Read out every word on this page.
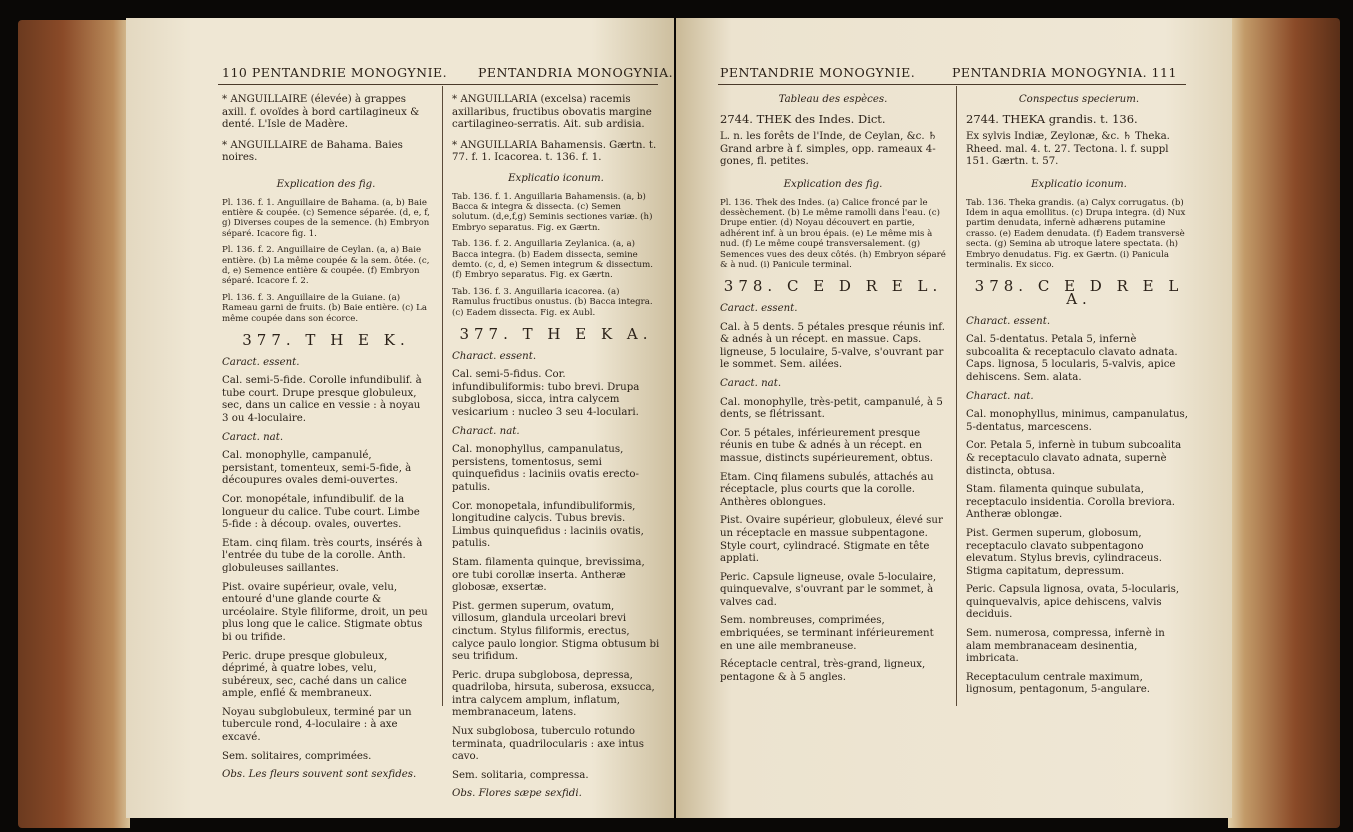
110 PENTANDRIE MONOGYNIE. PENTANDRIA MONOGYNIA.

* ANGUILLAIRE (élevée) à grappes axill. f. ovoïdes à bord cartilagineux & denté. L'Isle de Madère.

* ANGUILLAIRE de Bahama. Baies noires.

Explication des fig.

Pl. 136. f. 1. Anguillaire de Bahama. (a, b) Baie entière & coupée. (c) Semence séparée. (d, e, f, g) Diverses coupes de la semence. (h) Embryon séparé. Icacore fig. 1.

Pl. 136. f. 2. Anguillaire de Ceylan. (a, a) Baie entière. (b) La même coupée & la sem. ôtée. (c, d, e) Semence entière & coupée. (f) Embryon séparé. Icacore f. 2.

Pl. 136. f. 3. Anguillaire de la Guiane. (a) Rameau garni de fruits. (b) Baie entière. (c) La même coupée dans son écorce.

377. T H E K.

Caract. essent.

Cal. semi-5-fide. Corolle infundibulif. à tube court. Drupe presque globuleux, sec, dans un calice en vessie : à noyau 3 ou 4-loculaire.

Caract. nat.

Cal. monophylle, campanulé, persistant, tomenteux, semi-5-fide, à découpures ovales demi-ouvertes.

Cor. monopétale, infundibulif. de la longueur du calice. Tube court. Limbe 5-fide : à découp. ovales, ouvertes.

Etam. cinq filam. très courts, insérés à l'entrée du tube de la corolle. Anth. globuleuses saillantes.

Pist. ovaire supérieur, ovale, velu, entouré d'une glande courte & urcéolaire. Style filiforme, droit, un peu plus long que le calice. Stigmate obtus bi ou trifide.

Peric. drupe presque globuleux, déprimé, à quatre lobes, velu, subéreux, sec, caché dans un calice ample, enflé & membraneux.

Noyau subglobuleux, terminé par un tubercule rond, 4-loculaire : à axe excavé.

Sem. solitaires, comprimées.

Obs. Les fleurs souvent sont sexfides.

* ANGUILLARIA (excelsa) racemis axillaribus, fructibus obovatis margine cartilagineo-serratis. Ait. sub ardisia.

* ANGUILLARIA Bahamensis. Gærtn. t. 77. f. 1. Icacorea. t. 136. f. 1.

Explicatio iconum.

Tab. 136. f. 1. Anguillaria Bahamensis. (a, b) Bacca & integra & dissecta. (c) Semen solutum. (d,e,f,g) Seminis sectiones variæ. (h) Embryo separatus. Fig. ex Gærtn.

Tab. 136. f. 2. Anguillaria Zeylanica. (a, a) Bacca integra. (b) Eadem dissecta, semine demto. (c, d, e) Semen integrum & dissectum. (f) Embryo separatus. Fig. ex Gærtn.

Tab. 136. f. 3. Anguillaria icacorea. (a) Ramulus fructibus onustus. (b) Bacca integra. (c) Eadem dissecta. Fig. ex Aubl.

377. T H E K A.

Charact. essent.

Cal. semi-5-fidus. Cor. infundibuliformis: tubo brevi. Drupa subglobosa, sicca, intra calycem vesicarium : nucleo 3 seu 4-loculari.

Charact. nat.

Cal. monophyllus, campanulatus, persistens, tomentosus, semi quinquefidus : laciniis ovatis erecto-patulis.

Cor. monopetala, infundibuliformis, longitudine calycis. Tubus brevis. Limbus quinquefidus : laciniis ovatis, patulis.

Stam. filamenta quinque, brevissima, ore tubi corollæ inserta. Antheræ globosæ, exsertæ.

Pist. germen superum, ovatum, villosum, glandula urceolari brevi cinctum. Stylus filiformis, erectus, calyce paulo longior. Stigma obtusum bi seu trifidum.

Peric. drupa subglobosa, depressa, quadriloba, hirsuta, suberosa, exsucca, intra calycem amplum, inflatum, membranaceum, latens.

Nux subglobosa, tuberculo rotundo terminata, quadrilocularis : axe intus cavo.

Sem. solitaria, compressa.

Obs. Flores sæpe sexfidi.

PENTANDRIE MONOGYNIE.	PENTANDRIA MONOGYNIA. 111

Tableau des espèces.

2744. THEK des Indes. Dict.

L. n. les forêts de l'Inde, de Ceylan, &c. ♄ Grand arbre à f. simples, opp. rameaux 4-gones, fl. petites.

Explication des fig.

Pl. 136. Thek des Indes. (a) Calice froncé par le dessèchement. (b) Le même ramolli dans l'eau. (c) Drupe entier. (d) Noyau découvert en partie, adhérent inf. à un brou épais. (e) Le même mis à nud. (f) Le même coupé transversalement. (g) Semences vues des deux côtés. (h) Embryon séparé & à nud. (i) Panicule terminal.

378. C E D R E L.

Caract. essent.

Cal. à 5 dents. 5 pétales presque réunis inf. & adnés à un récept. en massue. Caps. ligneuse, 5 loculaire, 5-valve, s'ouvrant par le sommet. Sem. ailées.

Caract. nat.

Cal. monophylle, très-petit, campanulé, à 5 dents, se flétrissant.

Cor. 5 pétales, inférieurement presque réunis en tube & adnés à un récept. en massue, distincts supérieurement, obtus.

Etam. Cinq filamens subulés, attachés au réceptacle, plus courts que la corolle. Anthères oblongues.

Pist. Ovaire supérieur, globuleux, élevé sur un réceptacle en massue subpentagone. Style court, cylindracé. Stigmate en tête applati.

Peric. Capsule ligneuse, ovale 5-loculaire, quinquevalve, s'ouvrant par le sommet, à valves cad.

Sem. nombreuses, comprimées, embriquées, se terminant inférieurement en une aile membraneuse.

Réceptacle central, très-grand, ligneux, pentagone & à 5 angles.

Conspectus specierum.

2744. THEKA grandis. t. 136.

Ex sylvis Indiæ, Zeylonæ, &c. ♄ Theka. Rheed. mal. 4. t. 27. Tectona. l. f. suppl 151. Gærtn. t. 57.

Explicatio iconum.

Tab. 136. Theka grandis. (a) Calyx corrugatus. (b) Idem in aqua emollitus. (c) Drupa integra. (d) Nux partim denudata, infernè adhærens putamine crasso. (e) Eadem denudata. (f) Eadem transversè secta. (g) Semina ab utroque latere spectata. (h) Embryo denudatus. Fig. ex Gærtn. (i) Panicula terminalis. Ex sicco.

378. C E D R E L A.

Charact. essent.

Cal. 5-dentatus. Petala 5, infernè subcoalita & receptaculo clavato adnata. Caps. lignosa, 5 locularis, 5-valvis, apice dehiscens. Sem. alata.

Charact. nat.

Cal. monophyllus, minimus, campanulatus, 5-dentatus, marcescens.

Cor. Petala 5, infernè in tubum subcoalita & receptaculo clavato adnata, supernè distincta, obtusa.

Stam. filamenta quinque subulata, receptaculo insidentia. Corolla breviora. Antheræ oblongæ.

Pist. Germen superum, globosum, receptaculo clavato subpentagono elevatum. Stylus brevis, cylindraceus. Stigma capitatum, depressum.

Peric. Capsula lignosa, ovata, 5-locularis, quinquevalvis, apice dehiscens, valvis deciduis.

Sem. numerosa, compressa, infernè in alam membranaceam desinentia, imbricata.

Receptaculum centrale maximum, lignosum, pentagonum, 5-angulare.
